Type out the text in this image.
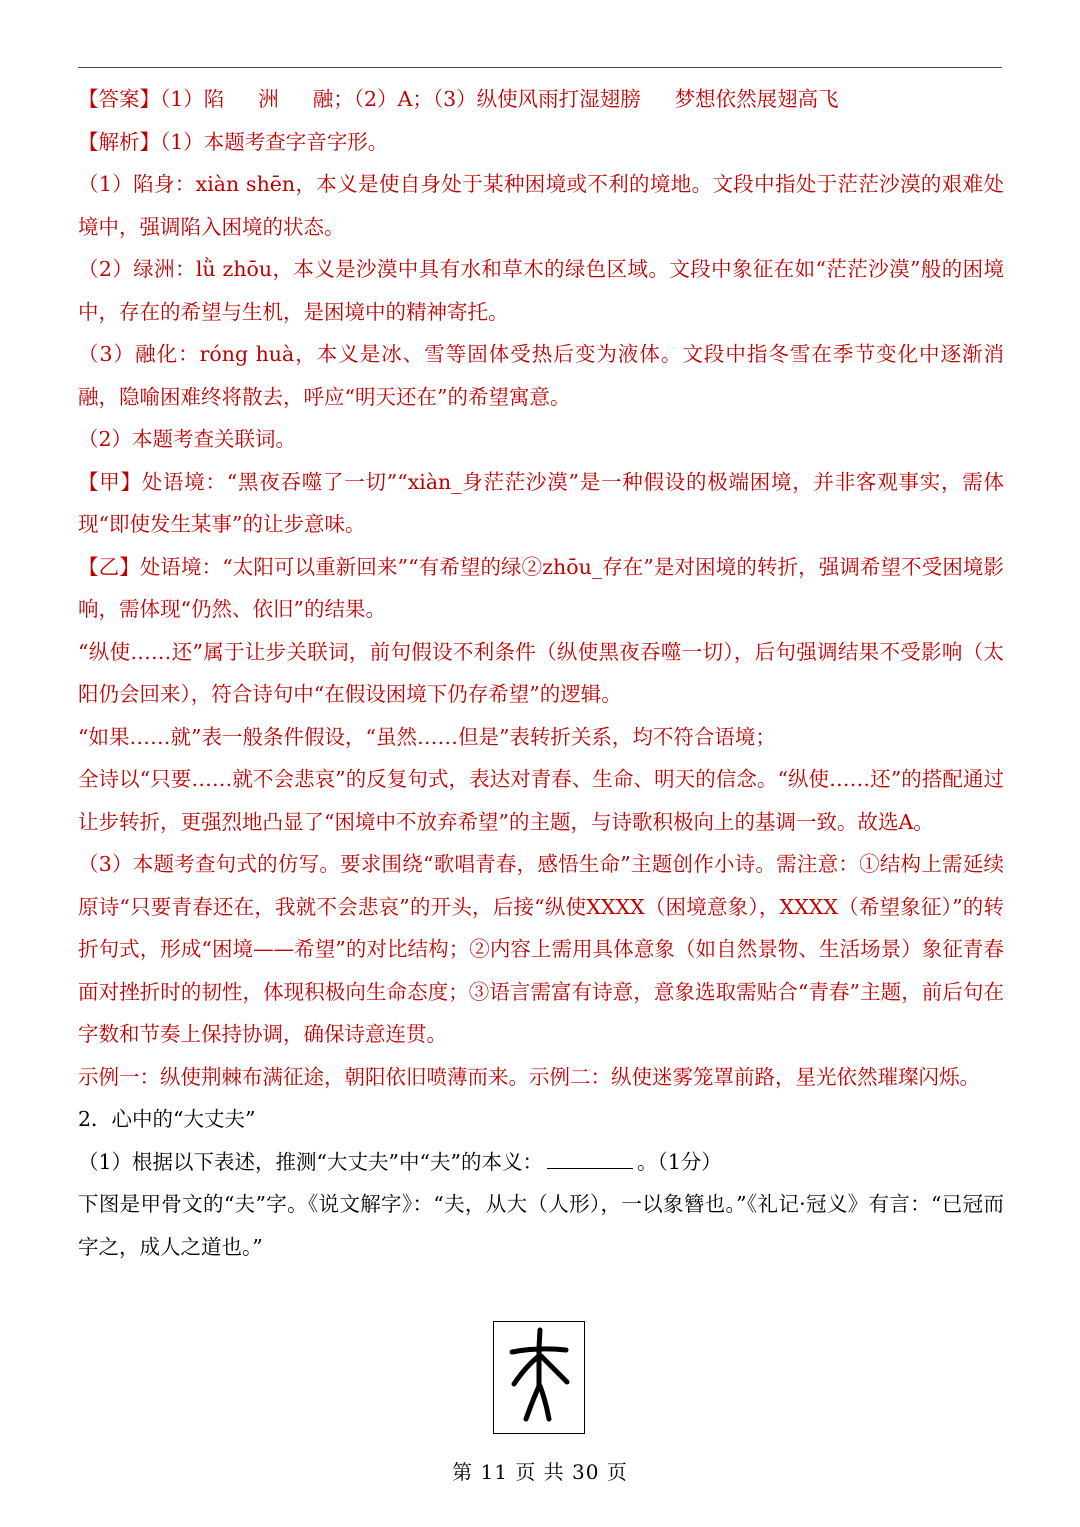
【答案】（1）陷 洲 融；（2）A；（3）纵使风雨打湿翅膀 梦想依然展翅高飞

【解析】（1）本题考查字音字形。

（1）陷身：xiàn shēn，本义是使自身处于某种困境或不利的境地。文段中指处于茫茫沙漠的艰难处境中，强调陷入困境的状态。

（2）绿洲：lǜ zhōu，本义是沙漠中具有水和草木的绿色区域。文段中象征在如“茫茫沙漠”般的困境中，存在的希望与生机，是困境中的精神寄托。

（3）融化：róng huà，本义是冰、雪等固体受热后变为液体。文段中指冬雪在季节变化中逐渐消融，隐喻困难终将散去，呼应“明天还在”的希望寓意。

（2）本题考查关联词。

【甲】处语境：“黑夜吞噬了一切”“xiàn_身茫茫沙漠”是一种假设的极端困境，并非客观事实，需体现“即使发生某事”的让步意味。

【乙】处语境：“太阳可以重新回来”“有希望的绿②zhōu_存在”是对困境的转折，强调希望不受困境影响，需体现“仍然、依旧”的结果。

“纵使……还”属于让步关联词，前句假设不利条件（纵使黑夜吞噬一切），后句强调结果不受影响（太阳仍会回来），符合诗句中“在假设困境下仍存希望”的逻辑。

“如果……就”表一般条件假设，“虽然……但是”表转折关系，均不符合语境；

全诗以“只要……就不会悲哀”的反复句式，表达对青春、生命、明天的信念。“纵使……还”的搭配通过让步转折，更强烈地凸显了“困境中不放弃希望”的主题，与诗歌积极向上的基调一致。故选A。

（3）本题考查句式的仿写。要求围绕“歌唱青春，感悟生命”主题创作小诗。需注意：①结构上需延续原诗“只要青春还在，我就不会悲哀”的开头，后接“纵使XXXX（困境意象），XXXX（希望象征）”的转折句式，形成“困境——希望”的对比结构；②内容上需用具体意象（如自然景物、生活场景）象征青春面对挫折时的韧性，体现积极向生命态度；③语言需富有诗意，意象选取需贴合“青春”主题，前后句在字数和节奏上保持协调，确保诗意连贯。

示例一：纵使荆棘布满征途，朝阳依旧喷薄而来。示例二：纵使迷雾笼罩前路，星光依然璀璨闪烁。

2．心中的“大丈夫”

（1）根据以下表述，推测“大丈夫”中“夫”的本义：	。（1分）

下图是甲骨文的“夫”字。《说文解字》：“夫，从大（人形），一以象簪也。”《礼记·冠义》有言：“已冠而字之，成人之道也。”

第 11 页 共 30 页
